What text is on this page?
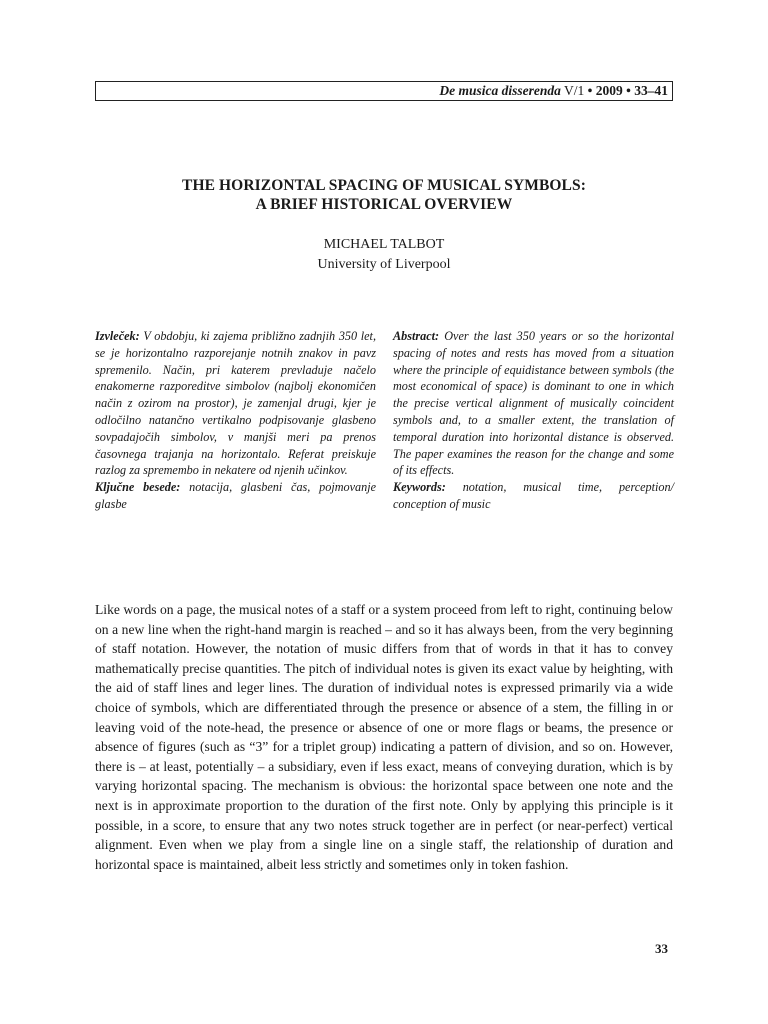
De musica disserenda V/1 • 2009 • 33–41
THE HORIZONTAL SPACING OF MUSICAL SYMBOLS:
A BRIEF HISTORICAL OVERVIEW
MICHAEL TALBOT
University of Liverpool

Izvleček: V obdobju, ki zajema približno zadnjih 350 let, se je horizontalno razporejanje notnih znakov in pavz spremenilo. Način, pri katerem prevladuje načelo enakomerne razporeditve simbolov (najbolj ekonomičen način z ozirom na prostor), je zamenjal drugi, kjer je odločilno natančno vertikalno podpisovanje glasbeno sovpadajočih simbolov, v manjši meri pa prenos časovnega trajanja na horizontalo. Referat preiskuje razlog za spremembo in nekatere od njenih učinkov.

Ključne besede: notacija, glasbeni čas, pojmovanje glasbe

Abstract: Over the last 350 years or so the horizontal spacing of notes and rests has moved from a situation where the principle of equidistance between symbols (the most economical of space) is dominant to one in which the precise vertical alignment of musically coincident symbols and, to a smaller extent, the translation of temporal duration into horizontal distance is observed. The paper examines the reason for the change and some of its effects.

Keywords: notation, musical time, perception/ conception of music

Like words on a page, the musical notes of a staff or a system proceed from left to right, continuing below on a new line when the right-hand margin is reached – and so it has always been, from the very beginning of staff notation. However, the notation of music differs from that of words in that it has to convey mathematically precise quantities. The pitch of individual notes is given its exact value by heighting, with the aid of staff lines and leger lines. The duration of individual notes is expressed primarily via a wide choice of symbols, which are differentiated through the presence or absence of a stem, the filling in or leaving void of the note-head, the presence or absence of one or more flags or beams, the presence or absence of figures (such as “3” for a triplet group) indicating a pattern of division, and so on. However, there is – at least, potentially – a subsidiary, even if less exact, means of conveying duration, which is by varying horizontal spacing. The mechanism is obvious: the horizontal space between one note and the next is in approximate proportion to the duration of the first note. Only by applying this principle is it possible, in a score, to ensure that any two notes struck together are in perfect (or near-perfect) vertical alignment. Even when we play from a single line on a single staff, the relationship of duration and horizontal space is maintained, albeit less strictly and sometimes only in token fashion.
33
